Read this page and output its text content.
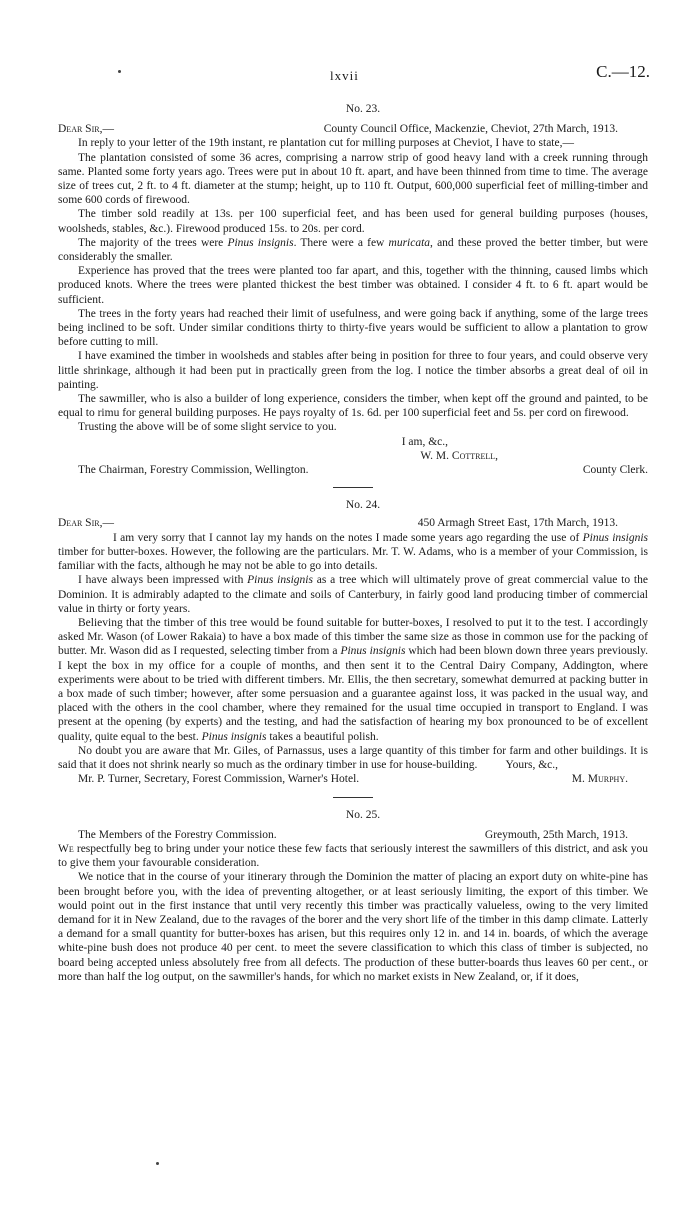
lxvii	C.—12.

No. 23.

Dear Sir,—	County Council Office, Mackenzie, Cheviot, 27th March, 1913.

In reply to your letter of the 19th instant, re plantation cut for milling purposes at Cheviot, I have to state,—

The plantation consisted of some 36 acres, comprising a narrow strip of good heavy land with a creek running through same. Planted some forty years ago. Trees were put in about 10 ft. apart, and have been thinned from time to time. The average size of trees cut, 2 ft. to 4 ft. diameter at the stump; height, up to 110 ft. Output, 600,000 superficial feet of milling-timber and some 600 cords of firewood.

The timber sold readily at 13s. per 100 superficial feet, and has been used for general building purposes (houses, woolsheds, stables, &c.). Firewood produced 15s. to 20s. per cord.

The majority of the trees were Pinus insignis. There were a few muricata, and these proved the better timber, but were considerably the smaller.

Experience has proved that the trees were planted too far apart, and this, together with the thinning, caused limbs which produced knots. Where the trees were planted thickest the best timber was obtained. I consider 4 ft. to 6 ft. apart would be sufficient.

The trees in the forty years had reached their limit of usefulness, and were going back if anything, some of the large trees being inclined to be soft. Under similar conditions thirty to thirty-five years would be sufficient to allow a plantation to grow before cutting to mill.

I have examined the timber in woolsheds and stables after being in position for three to four years, and could observe very little shrinkage, although it had been put in practically green from the log. I notice the timber absorbs a great deal of oil in painting.

The sawmiller, who is also a builder of long experience, considers the timber, when kept off the ground and painted, to be equal to rimu for general building purposes. He pays royalty of 1s. 6d. per 100 superficial feet and 5s. per cord on firewood.

Trusting the above will be of some slight service to you.

I am, &c.,

W. M. Cottrell,

The Chairman, Forestry Commission, Wellington.	County Clerk.

No. 24.

Dear Sir,—	450 Armagh Street East, 17th March, 1913.

I am very sorry that I cannot lay my hands on the notes I made some years ago regarding the use of Pinus insignis timber for butter-boxes. However, the following are the particulars. Mr. T. W. Adams, who is a member of your Commission, is familiar with the facts, although he may not be able to go into details.

I have always been impressed with Pinus insignis as a tree which will ultimately prove of great commercial value to the Dominion. It is admirably adapted to the climate and soils of Canterbury, in fairly good land producing timber of commercial value in thirty or forty years.

Believing that the timber of this tree would be found suitable for butter-boxes, I resolved to put it to the test. I accordingly asked Mr. Wason (of Lower Rakaia) to have a box made of this timber the same size as those in common use for the packing of butter. Mr. Wason did as I requested, selecting timber from a Pinus insignis which had been blown down three years previously. I kept the box in my office for a couple of months, and then sent it to the Central Dairy Company, Addington, where experiments were about to be tried with different timbers. Mr. Ellis, the then secretary, somewhat demurred at packing butter in a box made of such timber; however, after some persuasion and a guarantee against loss, it was packed in the usual way, and placed with the others in the cool chamber, where they remained for the usual time occupied in transport to England. I was present at the opening (by experts) and the testing, and had the satisfaction of hearing my box pronounced to be of excellent quality, quite equal to the best. Pinus insignis takes a beautiful polish.

No doubt you are aware that Mr. Giles, of Parnassus, uses a large quantity of this timber for farm and other buildings. It is said that it does not shrink nearly so much as the ordinary timber in use for house-building.	Yours, &c.,

Mr. P. Turner, Secretary, Forest Commission, Warner's Hotel.	M. Murphy.

No. 25.

The Members of the Forestry Commission.	Greymouth, 25th March, 1913.

We respectfully beg to bring under your notice these few facts that seriously interest the sawmillers of this district, and ask you to give them your favourable consideration.

We notice that in the course of your itinerary through the Dominion the matter of placing an export duty on white-pine has been brought before you, with the idea of preventing altogether, or at least seriously limiting, the export of this timber. We would point out in the first instance that until very recently this timber was practically valueless, owing to the very limited demand for it in New Zealand, due to the ravages of the borer and the very short life of the timber in this damp climate. Latterly a demand for a small quantity for butter-boxes has arisen, but this requires only 12 in. and 14 in. boards, of which the average white-pine bush does not produce 40 per cent. to meet the severe classification to which this class of timber is subjected, no board being accepted unless absolutely free from all defects. The production of these butter-boards thus leaves 60 per cent., or more than half the log output, on the sawmiller's hands, for which no market exists in New Zealand, or, if it does,
